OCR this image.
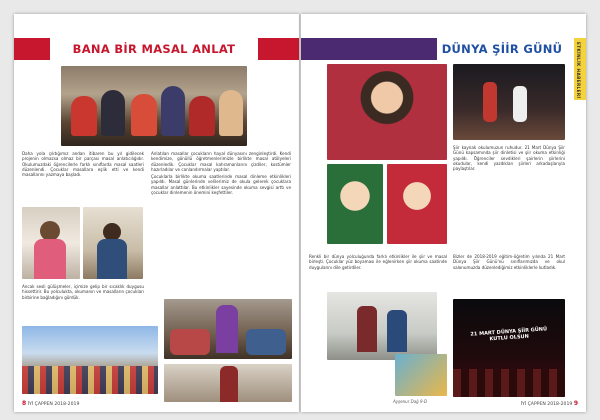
BANA BİR MASAL ANLAT

Daha yola çıktığımız andan itibaren bu yıl gidilecek projenin olmazsa olmaz bir parçası masal anlatıcılığıdır. Okulumuzdaki öğrencilerle farklı sınıflarda masal saatleri düzenlendi. Çocuklar masallara eşlik etti ve kendi masallarını yazmaya başladı.

Anlatılan masallar çocukların hayal dünyasını zenginleştirdi. Kendi kendimize, gönüllü öğretmenlerimizle birlikte masal atölyeleri düzenledik. Çocuklar masal kahramanlarını çizdiler, kostümler hazırladılar ve canlandırmalar yaptılar.

Çocuklarla birlikte okuma saatlerinde masal dinleme etkinlikleri yapıldı. Masal günlerinde velilerimiz de okula gelerek çocuklara masallar anlattılar. Bu etkinlikler sayesinde okuma sevgisi arttı ve çocuklar dinlemenin önemini keşfettiler.

Ancak sesli gülüşmeler, içimize gelip bir sıcaklık duygusu hissettirir. Bu yolculukta, okumanın ve masalların çocukları birbirine bağladığını gördük.

8 İYİ ÇAPPEN 2018-2019
DÜNYA ŞİİR GÜNÜ	ETKİNLİK HABERLERİ

Şiir kaynak okulumuzun ruhudur. 21 Mart Dünya Şiir Günü kapsamında şiir dinletisi ve şiir okuma etkinliği yapıldı. Öğrenciler sevdikleri şairlerin şiirlerini okudular, kendi yazdıkları şiirleri arkadaşlarıyla paylaştılar.

Renkli bir dünya yolculuğunda farklı etkinlikler ile şiir ve masal birleşti. Çocuklar yüz boyaması ile eğlenirken şiir okuma saatinde duygularını dile getirdiler.

Bizler de 2018-2019 eğitim-öğretim yılında 21 Mart Dünya Şiir Günü'nü sınıflarımızda ve okul salonumuzda düzenlediğimiz etkinliklerle kutladık.

Ayşenur Dağ 9-D
21 MART DÜNYA ŞİİR GÜNÜ KUTLU OLSUN
İYİ ÇAPPEN 2018-2019 9
